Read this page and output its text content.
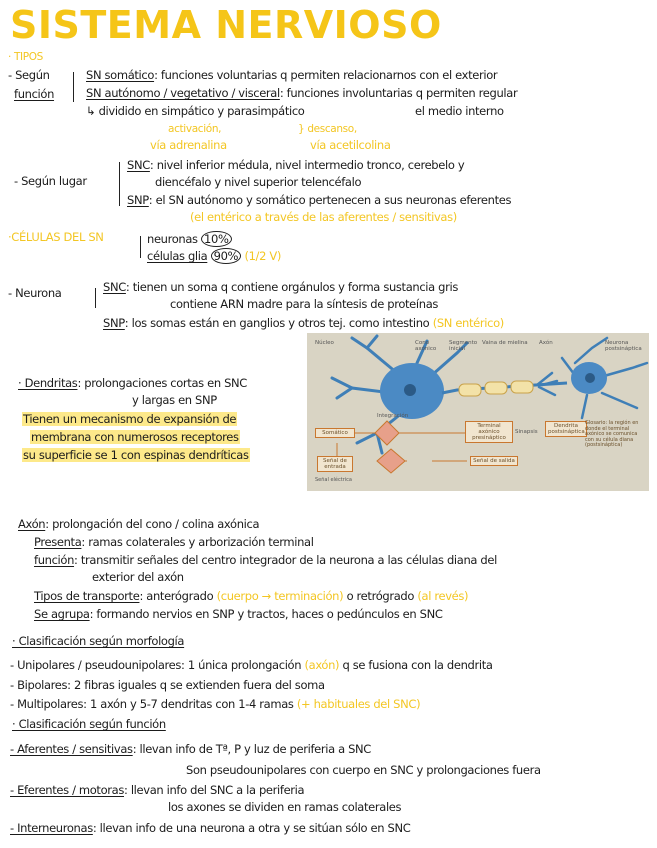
SISTEMA NERVIOSO
· TIPOS
- Según
función
SN somático: funciones voluntarias q permiten relacionarnos con el exterior
SN autónomo / vegetativo / visceral: funciones involuntarias q permiten regular
↳ dividido en simpático y parasimpático	el medio interno
activación,
vía adrenalina
} descanso,
vía acetilcolina
- Según lugar
SNC: nivel inferior médula, nivel intermedio tronco, cerebelo y
diencéfalo y nivel superior telencéfalo
SNP: el SN autónomo y somático pertenecen a sus neuronas eferentes
(el entérico a través de las aferentes / sensitivas)
·CÉLULAS DEL SN	neuronas 10%
células glia 90% (1/2 V)
- Neurona	SNC: tienen un soma q contiene orgánulos y forma sustancia gris
contiene ARN madre para la síntesis de proteínas
SNP: los somas están en ganglios y otros tej. como intestino (SN entérico)
· Dendritas: prolongaciones cortas en SNC
y largas en SNP
Tienen un mecanismo de expansión de
membrana con numerosos receptores
su superficie se 1 con espinas dendríticas
Núcleo	Cono axónico
Segmento inicial
Vaina de mielina Axón	Neurona postsináptica
Terminal axónico presináptico
Sinapsis
Dendrita postsináptica
Somático
Integración
Señal de entrada
Señal de salida
Glosario: la región en donde el terminal axónico se comunica con su célula diana (postsináptica)
Señal eléctrica
Axón: prolongación del cono / colina axónica
Presenta: ramas colaterales y arborización terminal
función: transmitir señales del centro integrador de la neurona a las células diana del
exterior del axón
Tipos de transporte: anterógrado (cuerpo → terminación) o retrógrado (al revés)
Se agrupa: formando nervios en SNP y tractos, haces o pedúnculos en SNC
· Clasificación según morfología
- Unipolares / pseudounipolares: 1 única prolongación (axón) q se fusiona con la dendrita
- Bipolares: 2 fibras iguales q se extienden fuera del soma
- Multipolares: 1 axón y 5-7 dendritas con 1-4 ramas (+ habituales del SNC)
· Clasificación según función
- Aferentes / sensitivas: llevan info de Tª, P y luz de periferia a SNC
Son pseudounipolares con cuerpo en SNC y prolongaciones fuera
- Eferentes / motoras: llevan info del SNC a la periferia
los axones se dividen en ramas colaterales
- Interneuronas: llevan info de una neurona a otra y se sitúan sólo en SNC
